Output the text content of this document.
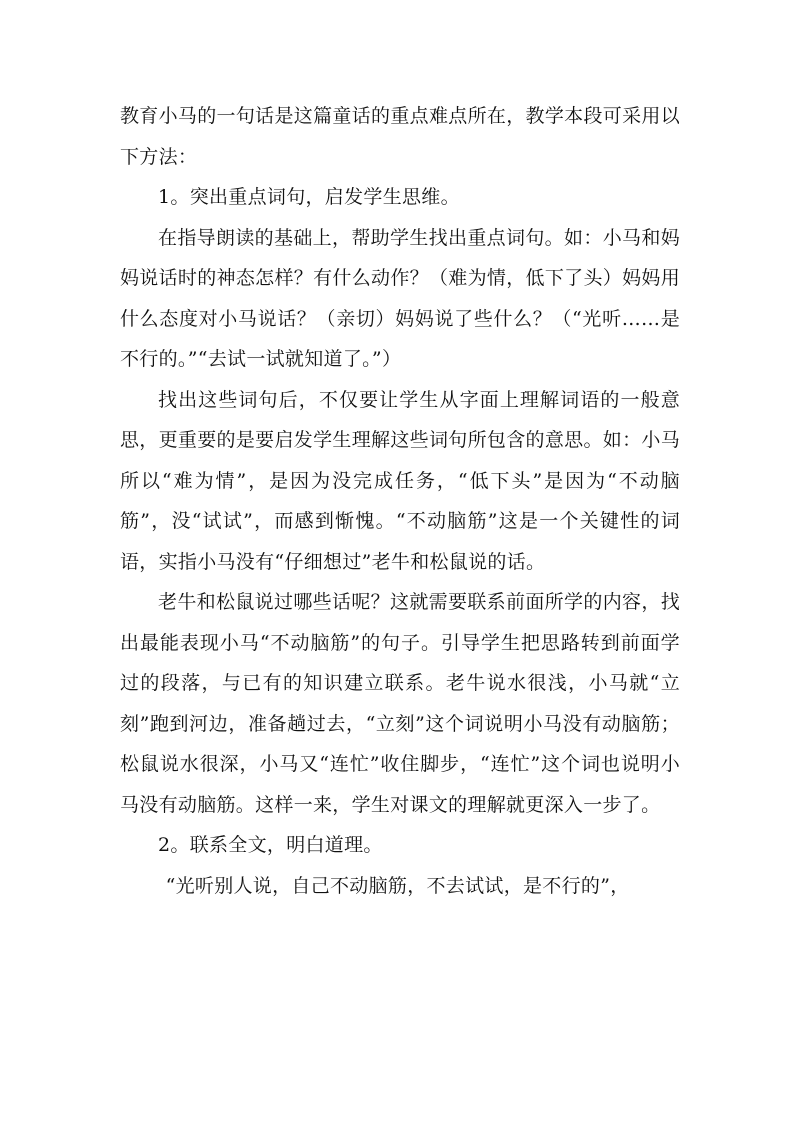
教育小马的一句话是这篇童话的重点难点所在，教学本段可采用以下方法：

1。突出重点词句，启发学生思维。

在指导朗读的基础上，帮助学生找出重点词句。如：小马和妈妈说话时的神态怎样？有什么动作？（难为情，低下了头）妈妈用什么态度对小马说话？（亲切）妈妈说了些什么？（“光听……是不行的。”“去试一试就知道了。”）

找出这些词句后，不仅要让学生从字面上理解词语的一般意思，更重要的是要启发学生理解这些词句所包含的意思。如：小马所以“难为情”，是因为没完成任务，“低下头”是因为“不动脑筋”，没“试试”，而感到惭愧。“不动脑筋”这是一个关键性的词语，实指小马没有“仔细想过”老牛和松鼠说的话。

老牛和松鼠说过哪些话呢？这就需要联系前面所学的内容，找出最能表现小马“不动脑筋”的句子。引导学生把思路转到前面学过的段落，与已有的知识建立联系。老牛说水很浅，小马就“立刻”跑到河边，准备趟过去，“立刻”这个词说明小马没有动脑筋；松鼠说水很深，小马又“连忙”收住脚步，“连忙”这个词也说明小马没有动脑筋。这样一来，学生对课文的理解就更深入一步了。

2。联系全文，明白道理。

“光听别人说，自己不动脑筋，不去试试，是不行的”，
